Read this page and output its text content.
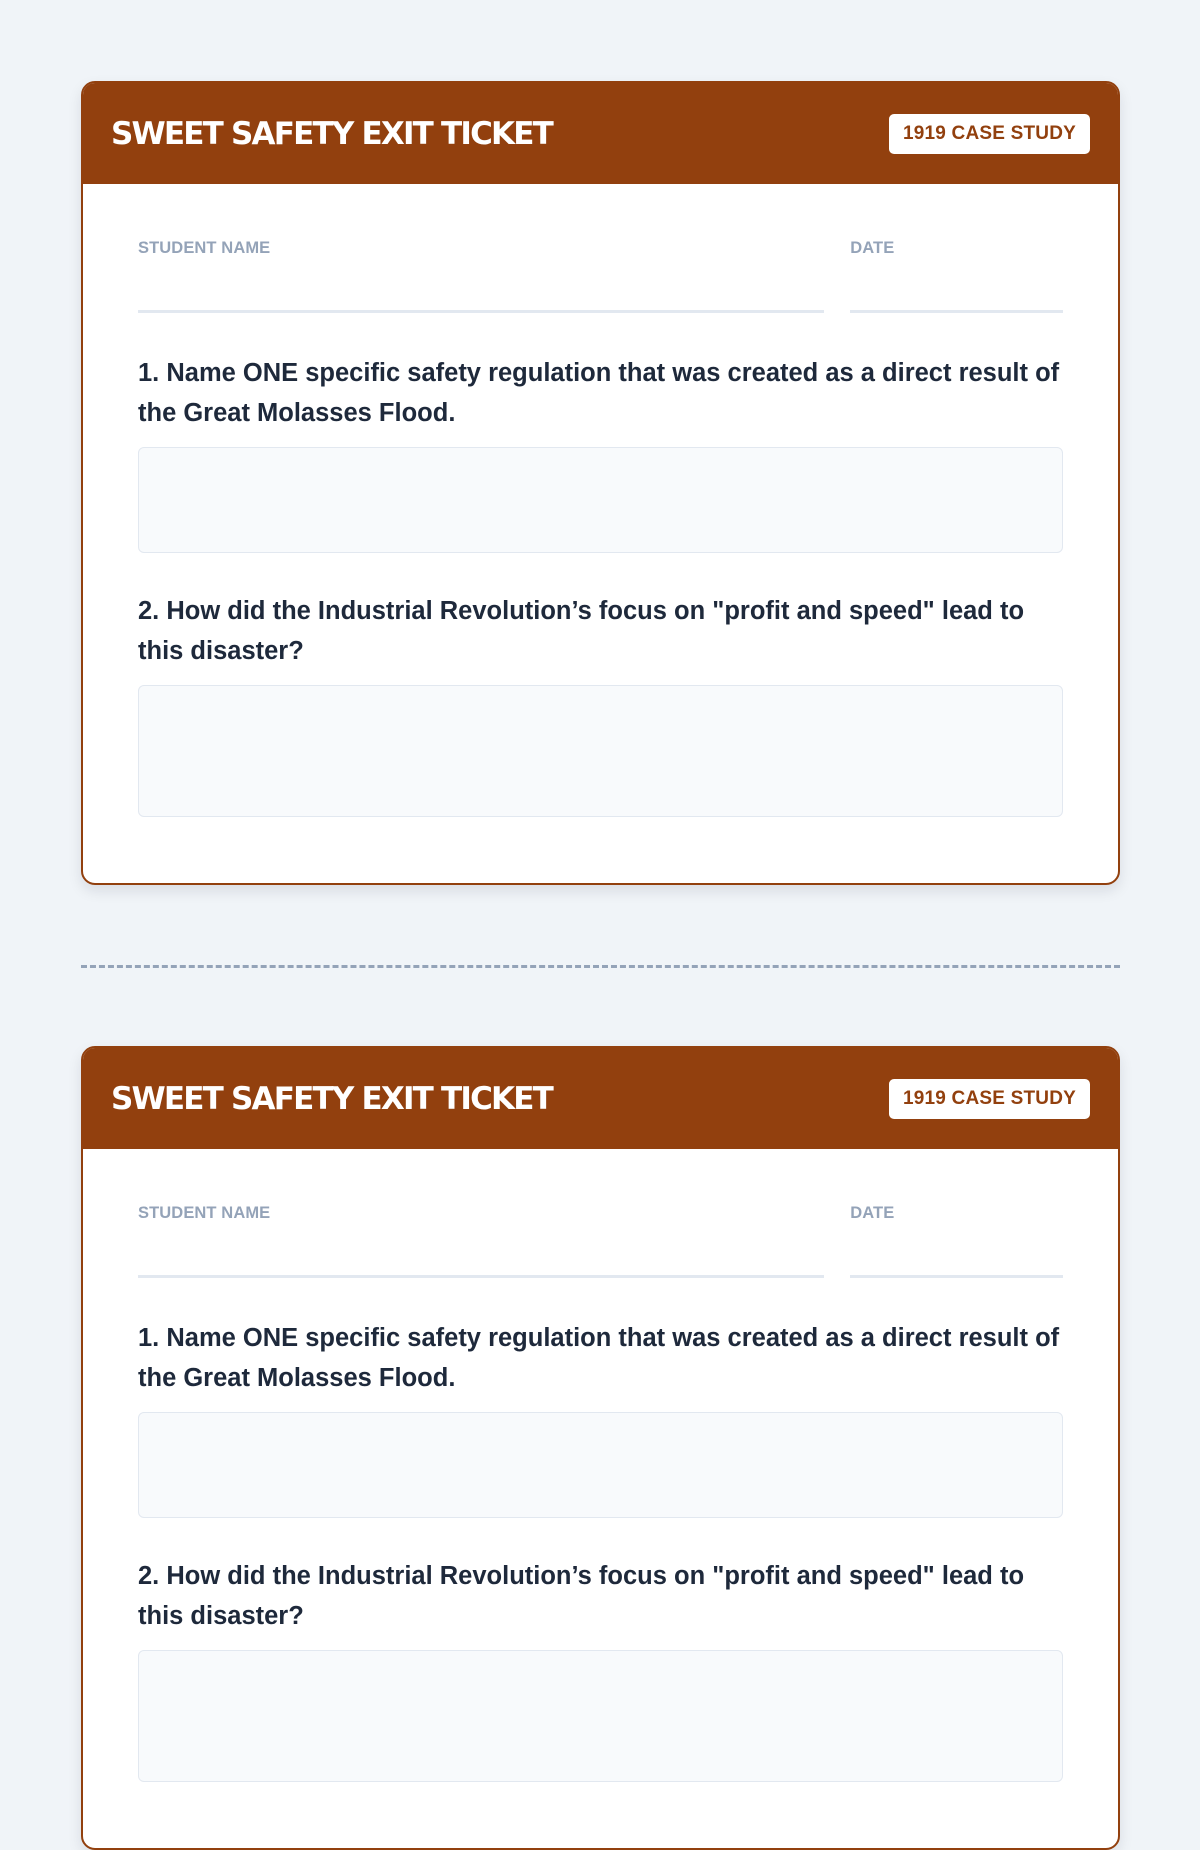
SWEET SAFETY EXIT TICKET	1919 CASE STUDY
STUDENT NAME	DATE

1. Name ONE specific safety regulation that was created as a direct result of the Great Molasses Flood.

2. How did the Industrial Revolution’s focus on "profit and speed" lead to this disaster?

SWEET SAFETY EXIT TICKET	1919 CASE STUDY
STUDENT NAME	DATE

1. Name ONE specific safety regulation that was created as a direct result of the Great Molasses Flood.

2. How did the Industrial Revolution’s focus on "profit and speed" lead to this disaster?
